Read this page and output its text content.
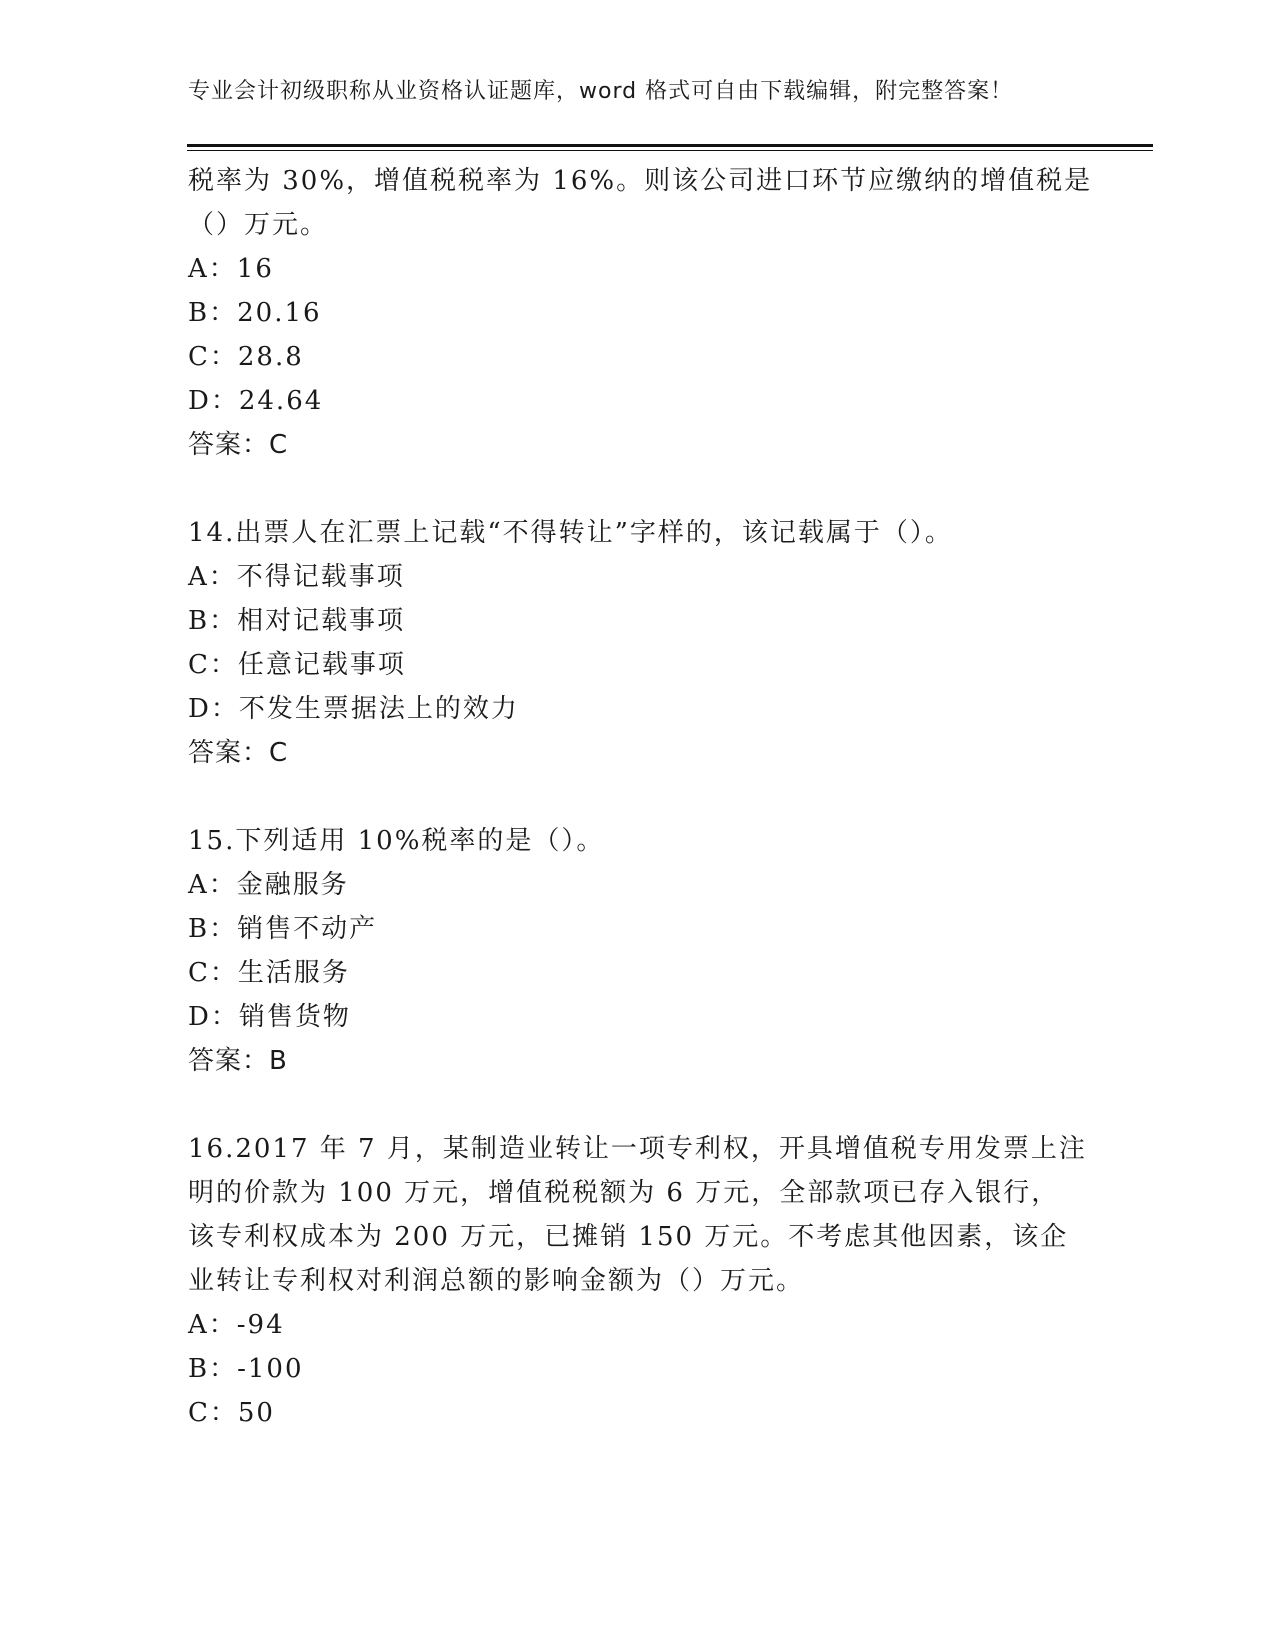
专业会计初级职称从业资格认证题库，word 格式可自由下载编辑，附完整答案！
税率为 30%，增值税税率为 16%。则该公司进口环节应缴纳的增值税是
（）万元。
A：16
B：20.16
C：28.8
D：24.64
答案：C
14.出票人在汇票上记载“不得转让”字样的，该记载属于（）。
A：不得记载事项
B：相对记载事项
C：任意记载事项
D：不发生票据法上的效力
答案：C
15.下列适用 10%税率的是（）。
A：金融服务
B：销售不动产
C：生活服务
D：销售货物
答案：B
16.2017 年 7 月，某制造业转让一项专利权，开具增值税专用发票上注
明的价款为 100 万元，增值税税额为 6 万元，全部款项已存入银行，
该专利权成本为 200 万元，已摊销 150 万元。不考虑其他因素，该企
业转让专利权对利润总额的影响金额为（）万元。
A：-94
B：-100
C：50
